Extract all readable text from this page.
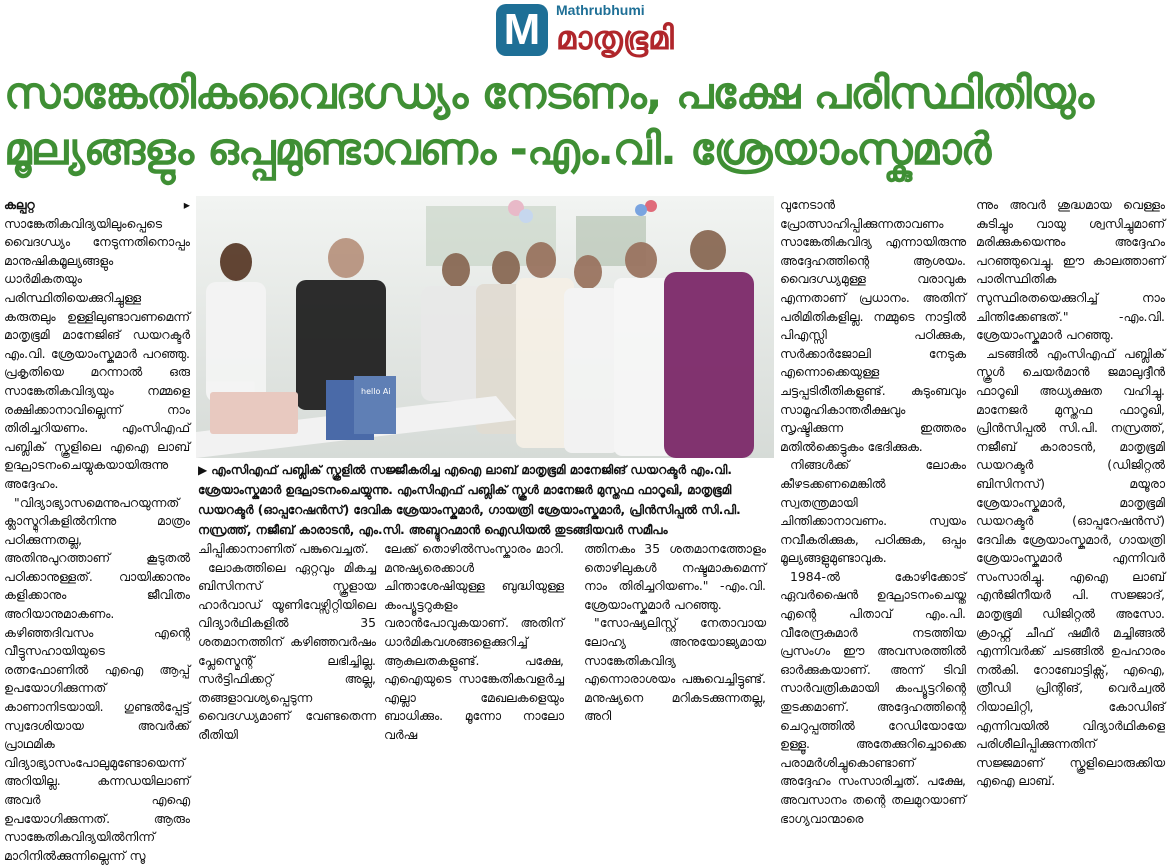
M	Mathrubhumi
മാതൃഭൂമി
സാങ്കേതികവൈദഗ്ധ്യം നേടണം, പക്ഷേ പരിസ്ഥിതിയും
മൂല്യങ്ങളും ഒപ്പമുണ്ടാവണം -എം.വി. ശ്രേയാംസ്കുമാർ

കല്പറ്റ ▸ സാങ്കേതികവിദ്യയിലുംപ്പെടെ വൈദഗ്ധ്യം നേടുന്നതിനൊപ്പം മാനുഷികമൂല്യങ്ങളും ധാർമികതയും പരിസ്ഥിതിയെക്കുറിച്ചുള്ള കരുതലും ഉള്ളിലുണ്ടാവണമെന്ന് മാതൃഭൂമി മാനേജിങ് ഡയറക്ടർ എം.വി. ശ്രേയാംസ്കുമാർ പറഞ്ഞു. പ്രകൃതിയെ മറന്നാൽ ഒരു സാങ്കേതികവിദ്യയും നമ്മളെ രക്ഷിക്കാനാവില്ലെന്ന് നാം തിരിച്ചറിയണം. എംസിഎഫ് പബ്ലിക് സ്കൂളിലെ എഐ ലാബ് ഉദ്ഘാടനംചെയ്യുകയായിരുന്നു അദ്ദേഹം.

"വിദ്യാഭ്യാസമെന്നുപറയുന്നത് ക്ലാസ്മുറികളിൽനിന്നു മാത്രം പഠിക്കുന്നതല്ല, അതിനുപുറത്താണ് കൂടുതൽ പഠിക്കാനുള്ളത്. വായിക്കാനും കളിക്കാനും ജീവിതം അറിയാനുമാകണം. കഴിഞ്ഞദിവസം എന്റെ വീട്ടുസഹായിയുടെ രത്നഫോണിൽ എഐ ആപ്പ് ഉപയോഗിക്കുന്നത് കാണാനിടയായി. ഗുണ്ടൽപ്പേട്ട് സ്വദേശിയായ അവർക്ക് പ്രാഥമിക വിദ്യാഭ്യാസംപോലുമുണ്ടോയെന്ന് അറിയില്ല. കന്നഡയിലാണ് അവർ എഐ ഉപയോഗിക്കുന്നത്. ആരും സാങ്കേതികവിദ്യയിൽനിന്ന് മാറിനിൽക്കുന്നില്ലെന്ന് സൂ

hello Ai
▶ എംസിഎഫ് പബ്ലിക് സ്കൂളിൽ സജ്ജീകരിച്ച എഐ ലാബ് മാതൃഭൂമി മാനേജിങ് ഡയറക്ടർ എം.വി. ശ്രേയാംസ്കുമാർ ഉദ്ഘാടനംചെയ്യുന്നു. എംസിഎഫ് പബ്ലിക് സ്കൂൾ മാനേജർ മുസ്തഫ ഫാറൂഖി, മാതൃഭൂമി ഡയറക്ടർ (ഓപ്പറേഷൻസ്) ദേവിക ശ്രേയാംസ്കുമാർ, ഗായത്രി ശ്രേയാംസ്കുമാർ, പ്രിൻസിപ്പൽ സി.പി. നസ്രത്ത്, നജീബ് കാരാടൻ, എം.സി. അബ്ദുറഹ്മാൻ ഐഡിയൽ തുടങ്ങിയവർ സമീപം

ചിപ്പിക്കാനാണിത് പങ്കുവെച്ചത്.

ലോകത്തിലെ ഏറ്റവും മികച്ച ബിസിനസ് സ്കൂളായ ഹാർവാഡ് യൂണിവേഴ്സിറ്റിയിലെ വിദ്യാർഥികളിൽ 35 ശതമാനത്തിന് കഴിഞ്ഞവർഷം പ്ലേസ്മെന്റ് ലഭിച്ചില്ല. സർട്ടിഫിക്കറ്റ് അല്ല, തങ്ങളാവശ്യപ്പെടുന്ന വൈദഗ്ധ്യമാണ് വേണ്ടതെന്ന രീതിയി

ലേക്ക് തൊഴിൽസംസ്കാരം മാറി. മനുഷ്യരെക്കാൾ ചിന്താശേഷിയുള്ള ബുദ്ധിയുള്ള കംപ്യൂട്ടറുകളം വരാൻപോവുകയാണ്. അതിന് ധാർമികവശങ്ങളെക്കുറിച്ച് ആകുലതകളുണ്ട്. പക്ഷേ, എഐയുടെ സാങ്കേതികവളർച്ച എല്ലാ മേഖലകളെയും ബാധിക്കും. മൂന്നോ നാലോ വർഷ

ത്തിനകം 35 ശതമാനത്തോളം തൊഴിലുകൾ നഷ്ടമാകുമെന്ന് നാം തിരിച്ചറിയണം." -എം.വി. ശ്രേയാംസ്കുമാർ പറഞ്ഞു.

"സോഷ്യലിസ്റ്റ് നേതാവായ ലോഹ്യ അനുയോജ്യമായ സാങ്കേതികവിദ്യ എന്നൊരാശയം പങ്കുവെച്ചിട്ടുണ്ട്. മനുഷ്യനെ മറികടക്കുന്നതല്ല, അറി

വുനേടാൻ പ്രോത്സാഹിപ്പിക്കുന്നതാവണം സാങ്കേതികവിദ്യ എന്നായിരുന്നു അദ്ദേഹത്തിന്റെ ആശയം. വൈദഗ്ധ്യമുള്ള വരാവുക എന്നതാണ് പ്രധാനം. അതിന് പരിമിതികളില്ല. നമ്മുടെ നാട്ടിൽ പിഎസ്സി പഠിക്കുക, സർക്കാർജോലി നേടുക എന്നൊക്കെയുള്ള ചട്ടപ്പടിരീതികളുണ്ട്. കുടുംബവും സാമൂഹികാന്തരീക്ഷവും സൃഷ്ടിക്കുന്ന ഇത്തരം മതിൽക്കെട്ടുകം ഭേദിക്കുക.

നിങ്ങൾക്ക് ലോകം കീഴടക്കണമെങ്കിൽ സ്വതന്ത്രമായി ചിന്തിക്കാനാവണം. സ്വയം നവീകരിക്കുക, പഠിക്കുക, ഒപ്പം മൂല്യങ്ങളുമുണ്ടാവുക.

1984-ൽ കോഴിക്കോട് ഏവർഷൈൻ ഉദ്ഘാടനംചെയ്ത എന്റെ പിതാവ് എം.പി. വീരേന്ദ്രകുമാർ നടത്തിയ പ്രസംഗം ഈ അവസരത്തിൽ ഓർക്കുകയാണ്. അന്ന് ടിവി സാർവത്രികമായി കംപ്യൂട്ടറിന്റെ തുടക്കമാണ്. അദ്ദേഹത്തിന്റെ ചെറുപ്പത്തിൽ റേഡിയോയേ ഉള്ളൂ. അതേക്കുറിച്ചൊക്കെ പരാമർശിച്ചുകൊണ്ടാണ് അദ്ദേഹം സംസാരിച്ചത്. പക്ഷേ, അവസാനം തന്റെ തലമുറയാണ് ഭാഗ്യവാന്മാരെ

ന്നും അവർ ശുദ്ധമായ വെള്ളം കുടിച്ചും വായു ശ്വസിച്ചുമാണ് മരിക്കുകയെന്നും അദ്ദേഹം പറഞ്ഞുവെച്ചു. ഈ കാലത്താണ് പാരിസ്ഥിതിക സുസ്ഥിരതയെക്കുറിച്ച് നാം ചിന്തിക്കേണ്ടത്." -എം.വി. ശ്രേയാംസ്കുമാർ പറഞ്ഞു.

ചടങ്ങിൽ എംസിഎഫ് പബ്ലിക് സ്കൂൾ ചെയർമാൻ ജമാലുദ്ദീൻ ഫാറൂഖി അധ്യക്ഷത വഹിച്ചു. മാനേജർ മുസ്തഫ ഫാറൂഖി, പ്രിൻസിപ്പൽ സി.പി. നസ്രത്ത്, നജീബ് കാരാടൻ, മാതൃഭൂമി ഡയറക്ടർ (ഡിജിറ്റൽ ബിസിനസ്) മയൂരാ ശ്രേയാംസ്കുമാർ, മാതൃഭൂമി ഡയറക്ടർ (ഓപ്പറേഷൻസ്) ദേവിക ശ്രേയാംസ്കുമാർ, ഗായത്രി ശ്രേയാംസ്കുമാർ എന്നിവർ സംസാരിച്ചു. എഐ ലാബ് എൻജിനീയർ പി. സജ്ജാദ്, മാതൃഭൂമി ഡിജിറ്റൽ അസോ. ക്രാഫ്റ്റ് ചീഫ് ഷമീർ മച്ചിങ്ങൽ എന്നിവർക്ക് ചടങ്ങിൽ ഉപഹാരം നൽകി. റോബോട്ടിക്സ്, എഐ, ത്രീഡി പ്രിന്റിങ്, വെർച്വൽ റിയാലിറ്റി, കോഡിങ് എന്നിവയിൽ വിദ്യാർഥികളെ പരിശീലിപ്പിക്കുന്നതിന് സജ്ജമാണ് സ്കൂളിലൊരുക്കിയ എഐ ലാബ്.
